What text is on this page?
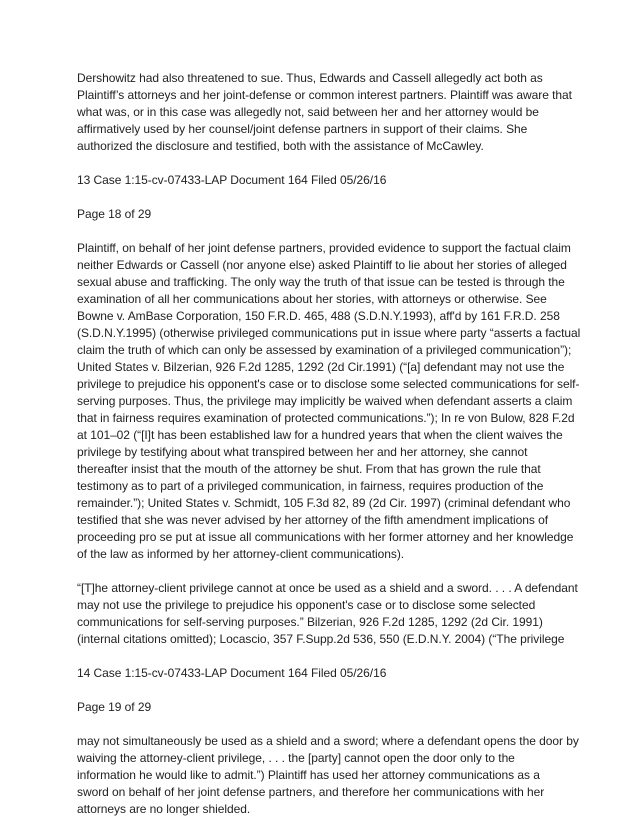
Dershowitz had also threatened to sue. Thus, Edwards and Cassell allegedly act both as
Plaintiff’s attorneys and her joint-defense or common interest partners. Plaintiff was aware that
what was, or in this case was allegedly not, said between her and her attorney would be
affirmatively used by her counsel/joint defense partners in support of their claims. She
authorized the disclosure and testified, both with the assistance of McCawley.
13 Case 1:15-cv-07433-LAP Document 164 Filed 05/26/16
Page 18 of 29
Plaintiff, on behalf of her joint defense partners, provided evidence to support the factual claim
neither Edwards or Cassell (nor anyone else) asked Plaintiff to lie about her stories of alleged
sexual abuse and trafficking. The only way the truth of that issue can be tested is through the
examination of all her communications about her stories, with attorneys or otherwise. See
Bowne v. AmBase Corporation, 150 F.R.D. 465, 488 (S.D.N.Y.1993), aff'd by 161 F.R.D. 258
(S.D.N.Y.1995) (otherwise privileged communications put in issue where party “asserts a factual
claim the truth of which can only be assessed by examination of a privileged communication”);
United States v. Bilzerian, 926 F.2d 1285, 1292 (2d Cir.1991) (“[a] defendant may not use the
privilege to prejudice his opponent's case or to disclose some selected communications for self-
serving purposes. Thus, the privilege may implicitly be waived when defendant asserts a claim
that in fairness requires examination of protected communications.”); In re von Bulow, 828 F.2d
at 101–02 (“[I]t has been established law for a hundred years that when the client waives the
privilege by testifying about what transpired between her and her attorney, she cannot
thereafter insist that the mouth of the attorney be shut. From that has grown the rule that
testimony as to part of a privileged communication, in fairness, requires production of the
remainder.”); United States v. Schmidt, 105 F.3d 82, 89 (2d Cir. 1997) (criminal defendant who
testified that she was never advised by her attorney of the fifth amendment implications of
proceeding pro se put at issue all communications with her former attorney and her knowledge
of the law as informed by her attorney-client communications).
“[T]he attorney-client privilege cannot at once be used as a shield and a sword. . . . A defendant
may not use the privilege to prejudice his opponent's case or to disclose some selected
communications for self-serving purposes.” Bilzerian, 926 F.2d 1285, 1292 (2d Cir. 1991)
(internal citations omitted); Locascio, 357 F.Supp.2d 536, 550 (E.D.N.Y. 2004) (“The privilege
14 Case 1:15-cv-07433-LAP Document 164 Filed 05/26/16
Page 19 of 29
may not simultaneously be used as a shield and a sword; where a defendant opens the door by
waiving the attorney-client privilege, . . . the [party] cannot open the door only to the
information he would like to admit.”) Plaintiff has used her attorney communications as a
sword on behalf of her joint defense partners, and therefore her communications with her
attorneys are no longer shielded.
